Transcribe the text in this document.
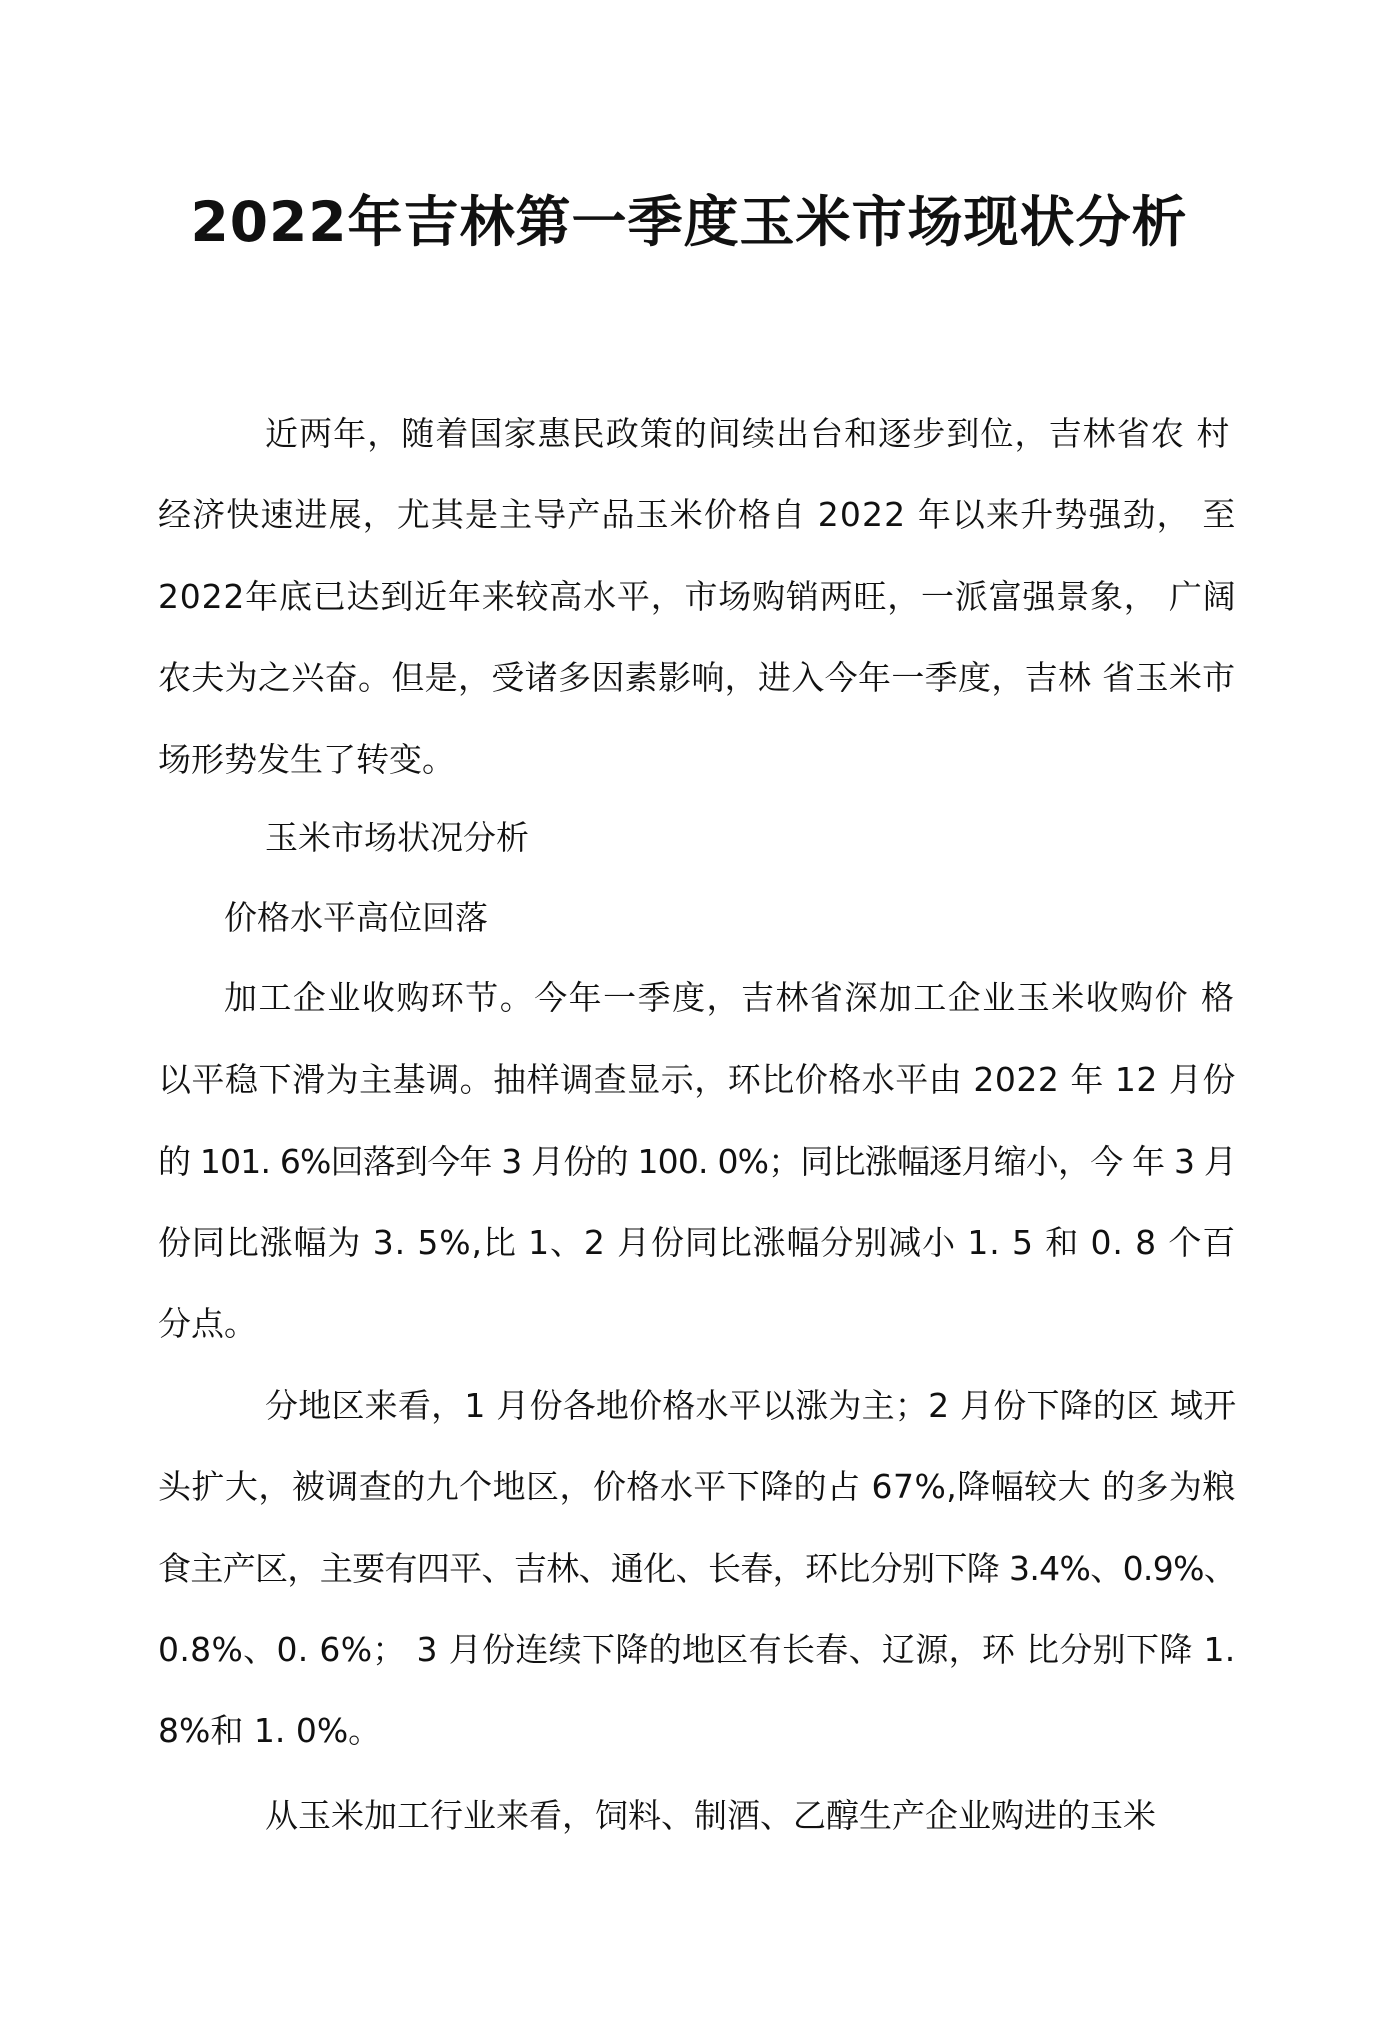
2022年吉林第一季度玉米市场现状分析
近两年，随着国家惠民政策的间续出台和逐步到位，吉林省农 村
经济快速进展，尤其是主导产品玉米价格自 2022 年以来升势强劲， 至
2022年底已达到近年来较高水平，市场购销两旺，一派富强景象， 广阔
农夫为之兴奋。但是，受诸多因素影响，进入今年一季度，吉林 省玉米市
场形势发生了转变。
玉米市场状况分析
价格水平高位回落
加工企业收购环节。今年一季度，吉林省深加工企业玉米收购价 格
以平稳下滑为主基调。抽样调查显示，环比价格水平由 2022 年 12 月份
的 101. 6%回落到今年 3 月份的 100. 0%；同比涨幅逐月缩小，今 年 3 月
份同比涨幅为 3. 5%,比 1、2 月份同比涨幅分别减小 1. 5 和 0. 8 个百
分点。
分地区来看，1 月份各地价格水平以涨为主；2 月份下降的区 域开
头扩大，被调查的九个地区，价格水平下降的占 67%,降幅较大 的多为粮
食主产区，主要有四平、吉林、通化、长春，环比分别下降 3.4%、0.9%、
0.8%、0. 6%； 3 月份连续下降的地区有长春、辽源，环 比分别下降 1.
8%和 1. 0%。
从玉米加工行业来看，饲料、制酒、乙醇生产企业购进的玉米
